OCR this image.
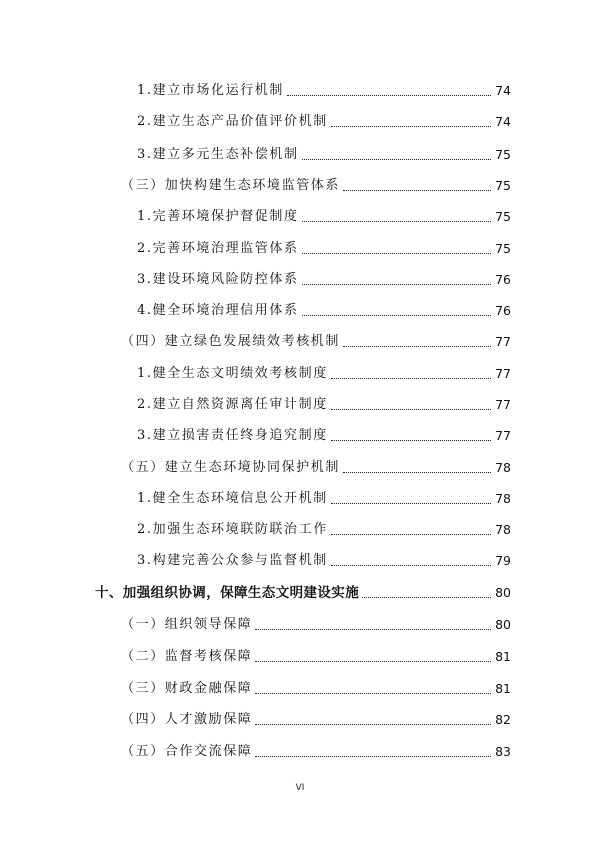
1.建立市场化运行机制	74
2.建立生态产品价值评价机制	74
3.建立多元生态补偿机制	75
（三）加快构建生态环境监管体系	75
1.完善环境保护督促制度	75
2.完善环境治理监管体系	75
3.建设环境风险防控体系	76
4.健全环境治理信用体系	76
（四）建立绿色发展绩效考核机制	77
1.健全生态文明绩效考核制度	77
2.建立自然资源离任审计制度	77
3.建立损害责任终身追究制度	77
（五）建立生态环境协同保护机制	78
1.健全生态环境信息公开机制	78
2.加强生态环境联防联治工作	78
3.构建完善公众参与监督机制	79
十、加强组织协调，保障生态文明建设实施	80
（一）组织领导保障	80
（二）监督考核保障	81
（三）财政金融保障	81
（四）人才激励保障	82
（五）合作交流保障	83
VI
